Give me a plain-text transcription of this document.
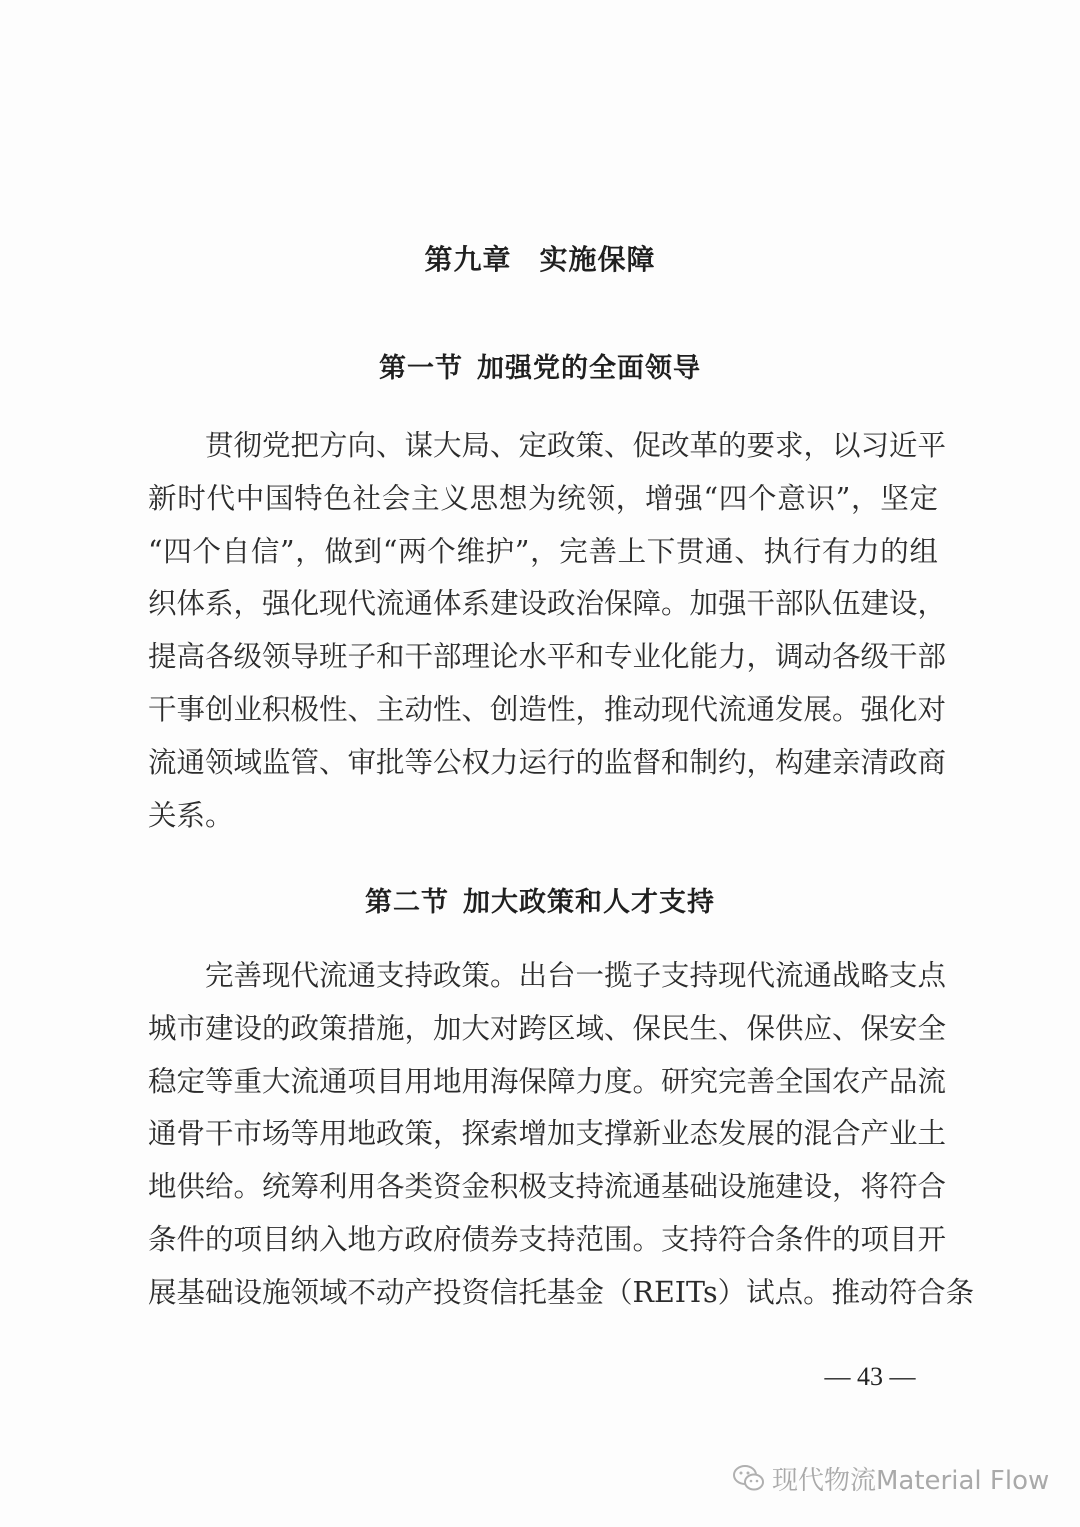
第九章 实施保障
第一节 加强党的全面领导
贯彻党把方向、谋大局、定政策、促改革的要求，以习近平
新时代中国特色社会主义思想为统领，增强“四个意识”，坚定
“四个自信”，做到“两个维护”，完善上下贯通、执行有力的组
织体系，强化现代流通体系建设政治保障。加强干部队伍建设，
提高各级领导班子和干部理论水平和专业化能力，调动各级干部
干事创业积极性、主动性、创造性，推动现代流通发展。强化对
流通领域监管、审批等公权力运行的监督和制约，构建亲清政商
关系。
第二节 加大政策和人才支持
完善现代流通支持政策。出台一揽子支持现代流通战略支点
城市建设的政策措施，加大对跨区域、保民生、保供应、保安全
稳定等重大流通项目用地用海保障力度。研究完善全国农产品流
通骨干市场等用地政策，探索增加支撑新业态发展的混合产业土
地供给。统筹利用各类资金积极支持流通基础设施建设，将符合
条件的项目纳入地方政府债券支持范围。支持符合条件的项目开
展基础设施领域不动产投资信托基金（REITs）试点。推动符合条
— 43 —
现代物流Material Flow
